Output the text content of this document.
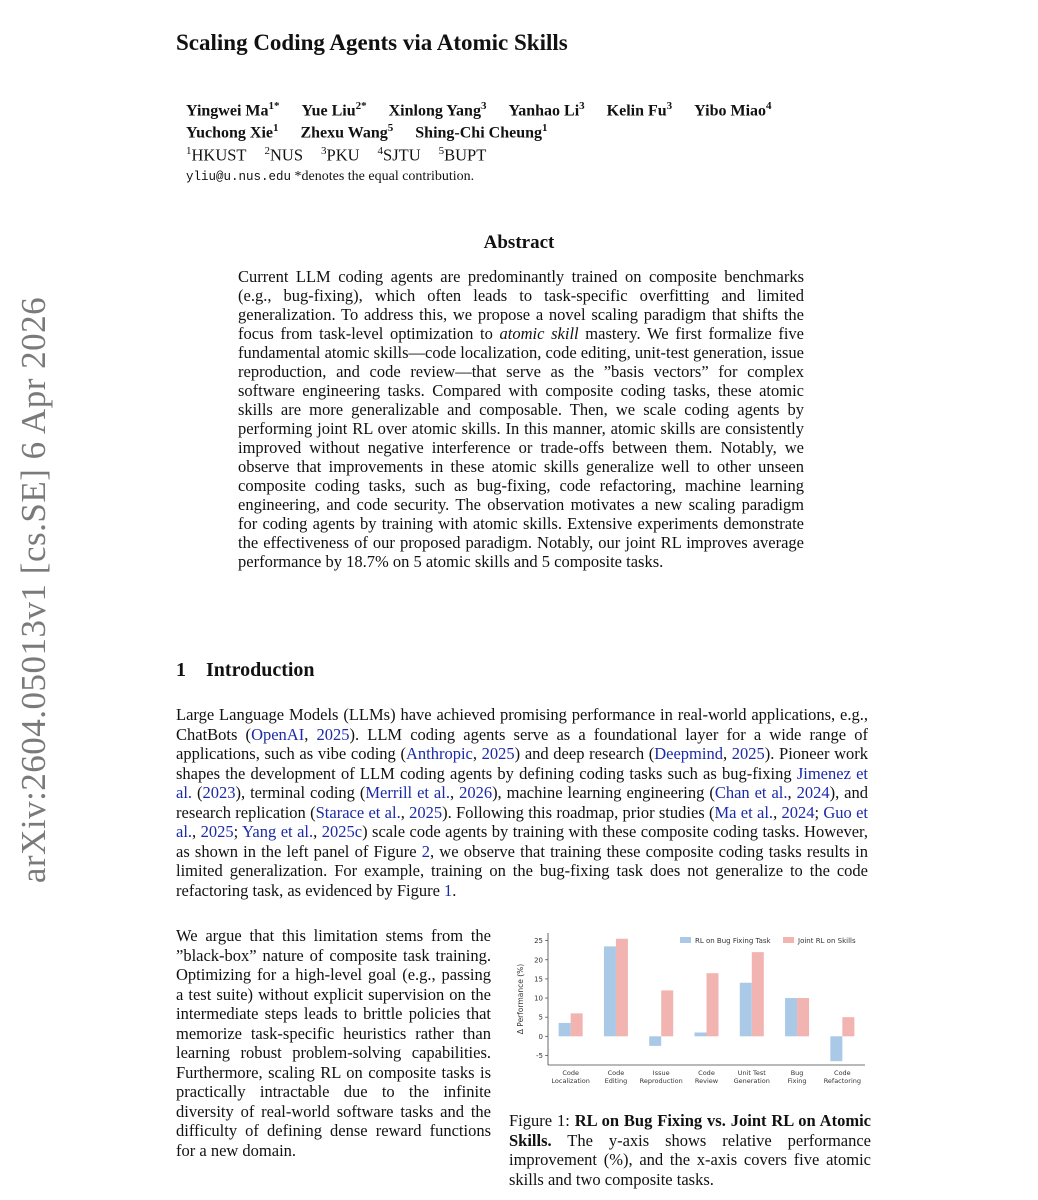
arXiv:2604.05013v1 [cs.SE] 6 Apr 2026
Scaling Coding Agents via Atomic Skills
Yingwei $Ma^{1*}$ Yue Liu$^{2*}$ Xinlong Yang$^3$ Yanhao Li$^3$ Kelin Fu$^3$ Yibo Miao$^4$
Yuchong Xie$^1$ Zhexu Wang$^5$ Shing-Chi Cheung$^1$
$^1$HKUST $^2$NUS $^3$PKU $^4$SJTU $^5$BUPT
yliu@u.nus.edu *denotes the equal contribution.
Abstract

Current LLM coding agents are predominantly trained on composite benchmarks (e.g., bug-fixing), which often leads to task-specific overfitting and limited generalization. To address this, we propose a novel scaling paradigm that shifts the focus from task-level optimization to atomic skill mastery. We first formalize five fundamental atomic skills—code localization, code editing, unit-test generation, issue reproduction, and code review—that serve as the ”basis vectors” for complex software engineering tasks. Compared with composite coding tasks, these atomic skills are more generalizable and composable. Then, we scale coding agents by performing joint RL over atomic skills. In this manner, atomic skills are consistently improved without negative interference or trade-offs between them. Notably, we observe that improvements in these atomic skills generalize well to other unseen composite coding tasks, such as bug-fixing, code refactoring, machine learning engineering, and code security. The observation motivates a new scaling paradigm for coding agents by training with atomic skills. Extensive experiments demonstrate the effectiveness of our proposed paradigm. Notably, our joint RL improves average performance by 18.7% on 5 atomic skills and 5 composite tasks.

1 Introduction

Large Language Models (LLMs) have achieved promising performance in real-world applications, e.g., ChatBots (OpenAI, 2025). LLM coding agents serve as a foundational layer for a wide range of applications, such as vibe coding (Anthropic, 2025) and deep research (Deepmind, 2025). Pioneer work shapes the development of LLM coding agents by defining coding tasks such as bug-fixing Jimenez et al. (2023), terminal coding (Merrill et al., 2026), machine learning engineering (Chan et al., 2024), and research replication (Starace et al., 2025). Following this roadmap, prior studies (Ma et al., 2024; Guo et al., 2025; Yang et al., 2025c) scale code agents by training with these composite coding tasks. However, as shown in the left panel of Figure 2, we observe that training these composite coding tasks results in limited generalization. For example, training on the bug-fixing task does not generalize to the code refactoring task, as evidenced by Figure 1.

We argue that this limitation stems from the ”black-box” nature of composite task training. Optimizing for a high-level goal (e.g., passing a test suite) without explicit supervision on the intermediate steps leads to brittle policies that memorize task-specific heuristics rather than learning robust problem-solving capabilities. Furthermore, scaling RL on composite tasks is practically intractable due to the infinite diversity of real-world software tasks and the difficulty of defining dense reward functions for a new domain.

-5
0
5
10
15
20
25
Δ Performance (%)
Code
Localization
Code
Editing
Issue
Reproduction
Code
Review
Unit Test
Generation
Bug
Fixing
Code
Refactoring
RL on Bug Fixing Task	Joint RL on Skills

Figure 1: RL on Bug Fixing vs. Joint RL on Atomic Skills. The y-axis shows relative performance improvement (%), and the x-axis covers five atomic skills and two composite tasks.
